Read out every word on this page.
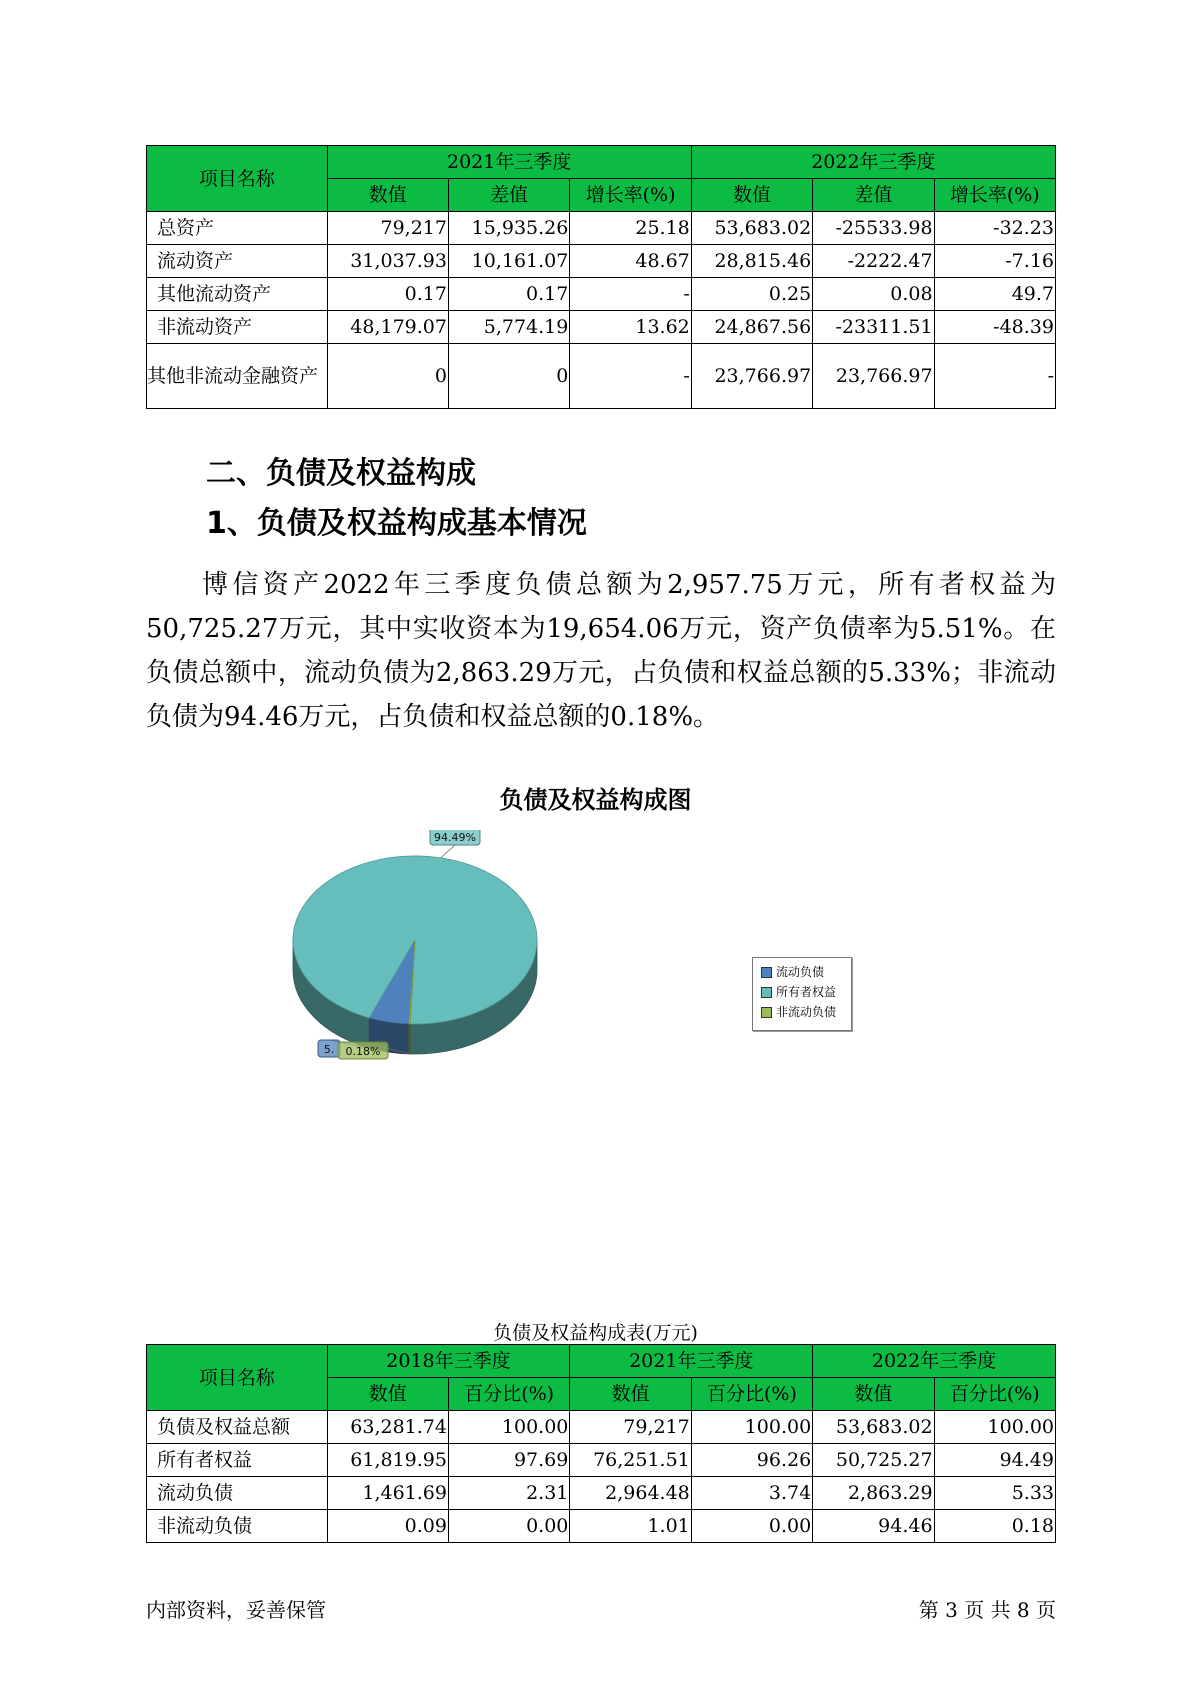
项目名称	2021年三季度			2022年三季度		
	数值	差值	增长率(%)	数值	差值	增长率(%)
总资产	79,217	15,935.26	25.18	53,683.02	-25533.98	-32.23
流动资产	31,037.93	10,161.07	48.67	28,815.46	-2222.47	-7.16
其他流动资产	0.17	0.17	-	0.25	0.08	49.7
非流动资产	48,179.07	5,774.19	13.62	24,867.56	-23311.51	-48.39
其他非流动金融资产	0	0	-	23,766.97	23,766.97	-
二、负债及权益构成
1、负债及权益构成基本情况

博信资产2022年三季度负债总额为2,957.75万元，所有者权益为50,725.27万元，其中实收资本为19,654.06万元，资产负债率为5.51%。在负债总额中，流动负债为2,863.29万元，占负债和权益总额的5.33%；非流动负债为94.46万元，占负债和权益总额的0.18%。

负债及权益构成图
5.
94.49%
0.18%
流动负债
所有者权益
非流动负债
负债及权益构成表(万元)
项目名称	2018年三季度		2021年三季度		2022年三季度	
	数值	百分比(%)	数值	百分比(%)	数值	百分比(%)
负债及权益总额	63,281.74	100.00	79,217	100.00	53,683.02	100.00
所有者权益	61,819.95	97.69	76,251.51	96.26	50,725.27	94.49
流动负债	1,461.69	2.31	2,964.48	3.74	2,863.29	5.33
非流动负债	0.09	0.00	1.01	0.00	94.46	0.18
内部资料，妥善保管	第 3 页 共 8 页
